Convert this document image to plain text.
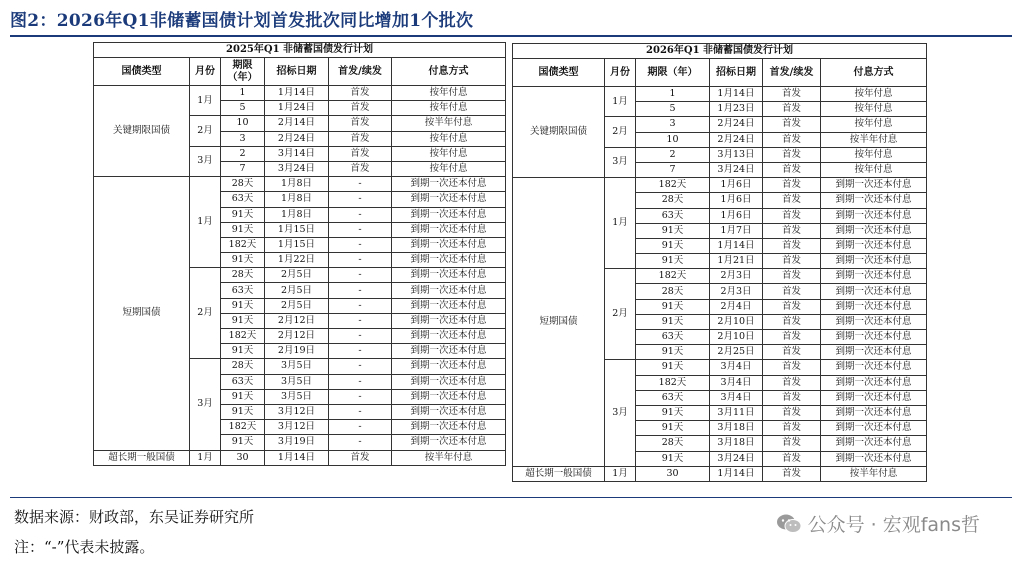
图2：2026年Q1非储蓄国债计划首发批次同比增加1个批次
2025年Q1 非储蓄国债发行计划					
国债类型	月份	期限（年）	招标日期	首发/续发	付息方式
关键期限国债	1月	1	1月14日	首发	按年付息
		5	1月24日	首发	按年付息
	2月	10	2月14日	首发	按半年付息
		3	2月24日	首发	按年付息
	3月	2	3月14日	首发	按年付息
		7	3月24日	首发	按年付息
短期国债	1月	28天	1月8日	-	到期一次还本付息
		63天	1月8日	-	到期一次还本付息
		91天	1月8日	-	到期一次还本付息
		91天	1月15日	-	到期一次还本付息
		182天	1月15日	-	到期一次还本付息
		91天	1月22日	-	到期一次还本付息
	2月	28天	2月5日	-	到期一次还本付息
		63天	2月5日	-	到期一次还本付息
		91天	2月5日	-	到期一次还本付息
		91天	2月12日	-	到期一次还本付息
		182天	2月12日	-	到期一次还本付息
		91天	2月19日	-	到期一次还本付息
	3月	28天	3月5日	-	到期一次还本付息
		63天	3月5日	-	到期一次还本付息
		91天	3月5日	-	到期一次还本付息
		91天	3月12日	-	到期一次还本付息
		182天	3月12日	-	到期一次还本付息
		91天	3月19日	-	到期一次还本付息
超长期一般国债	1月	30	1月14日	首发	按半年付息
2026年Q1 非储蓄国债发行计划					
国债类型	月份	期限（年）	招标日期	首发/续发	付息方式
关键期限国债	1月	1	1月14日	首发	按年付息
		5	1月23日	首发	按年付息
	2月	3	2月24日	首发	按年付息
		10	2月24日	首发	按半年付息
	3月	2	3月13日	首发	按年付息
		7	3月24日	首发	按年付息
短期国债	1月	182天	1月6日	首发	到期一次还本付息
		28天	1月6日	首发	到期一次还本付息
		63天	1月6日	首发	到期一次还本付息
		91天	1月7日	首发	到期一次还本付息
		91天	1月14日	首发	到期一次还本付息
		91天	1月21日	首发	到期一次还本付息
	2月	182天	2月3日	首发	到期一次还本付息
		28天	2月3日	首发	到期一次还本付息
		91天	2月4日	首发	到期一次还本付息
		91天	2月10日	首发	到期一次还本付息
		63天	2月10日	首发	到期一次还本付息
		91天	2月25日	首发	到期一次还本付息
	3月	91天	3月4日	首发	到期一次还本付息
		182天	3月4日	首发	到期一次还本付息
		63天	3月4日	首发	到期一次还本付息
		91天	3月11日	首发	到期一次还本付息
		91天	3月18日	首发	到期一次还本付息
		28天	3月18日	首发	到期一次还本付息
		91天	3月24日	首发	到期一次还本付息
超长期一般国债	1月	30	1月14日	首发	按半年付息
数据来源：财政部，东吴证券研究所
注：“-”代表未披露。
公众号 · 宏观fans哲
